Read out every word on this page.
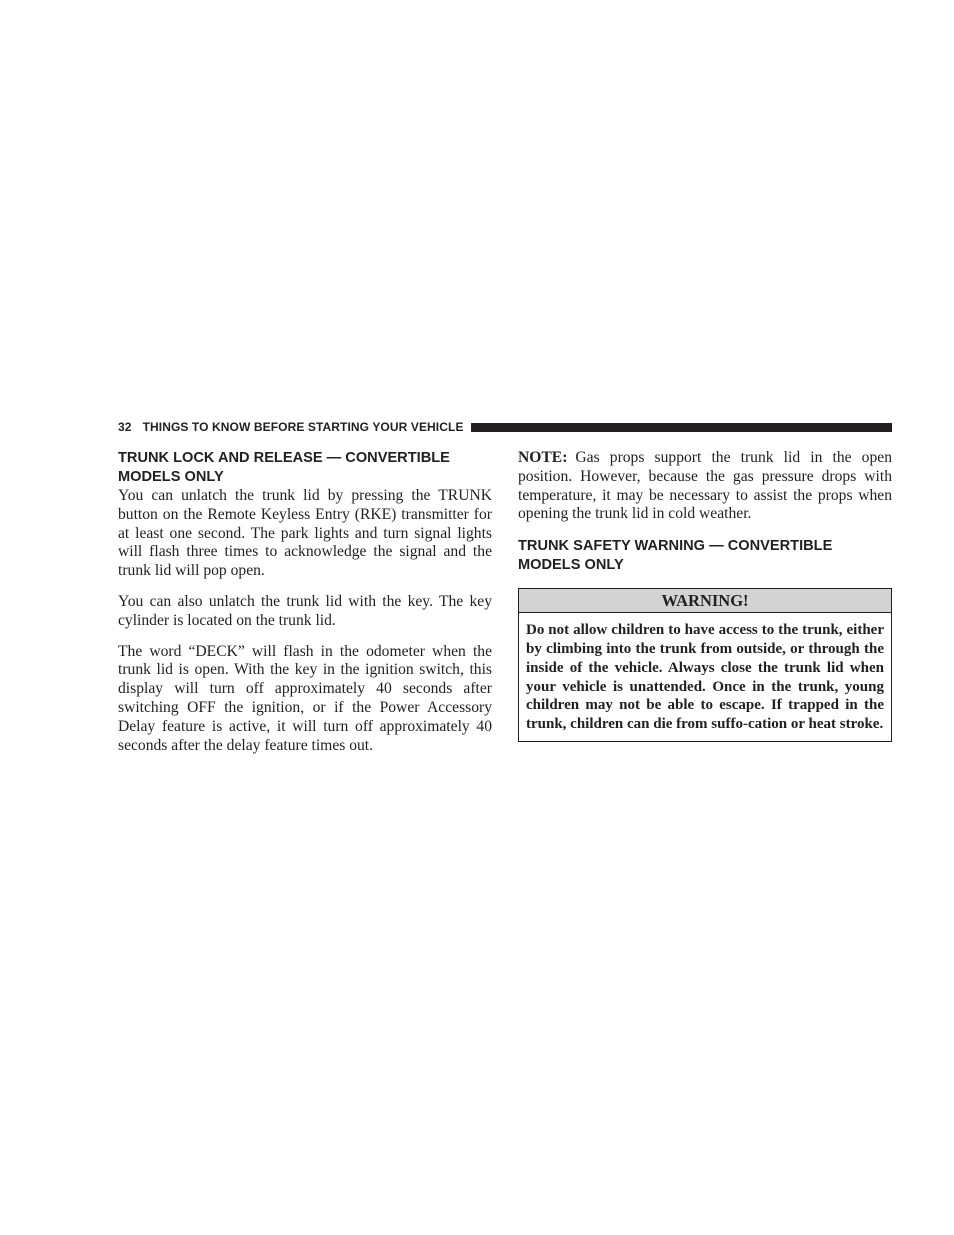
32 THINGS TO KNOW BEFORE STARTING YOUR VEHICLE
TRUNK LOCK AND RELEASE — CONVERTIBLE MODELS ONLY

You can unlatch the trunk lid by pressing the TRUNK button on the Remote Keyless Entry (RKE) transmitter for at least one second. The park lights and turn signal lights will flash three times to acknowledge the signal and the trunk lid will pop open.

You can also unlatch the trunk lid with the key. The key cylinder is located on the trunk lid.

The word “DECK” will flash in the odometer when the trunk lid is open. With the key in the ignition switch, this display will turn off approximately 40 seconds after switching OFF the ignition, or if the Power Accessory Delay feature is active, it will turn off approximately 40 seconds after the delay feature times out.

NOTE: Gas props support the trunk lid in the open position. However, because the gas pressure drops with temperature, it may be necessary to assist the props when opening the trunk lid in cold weather.

TRUNK SAFETY WARNING — CONVERTIBLE MODELS ONLY
WARNING!
Do not allow children to have access to the trunk, either by climbing into the trunk from outside, or through the inside of the vehicle. Always close the trunk lid when your vehicle is unattended. Once in the trunk, young children may not be able to escape. If trapped in the trunk, children can die from suffo-cation or heat stroke.
